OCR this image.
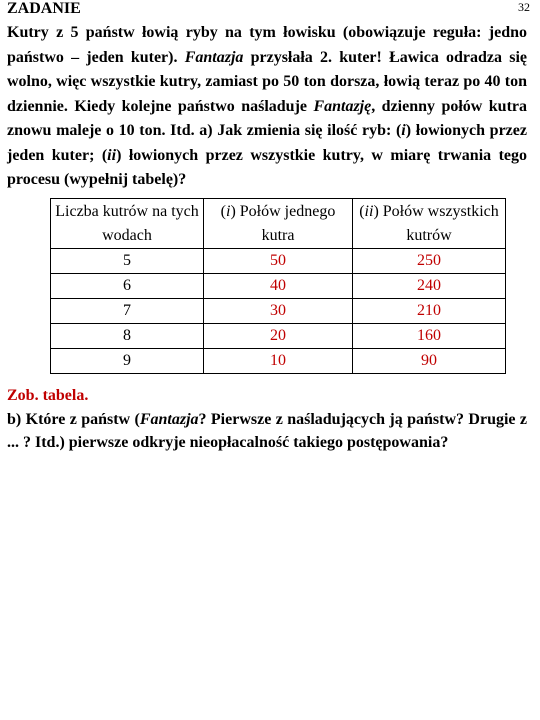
ZADANIE	32
Kutry z 5 państw łowią ryby na tym łowisku (obowiązuje reguła: jedno państwo – jeden kuter). Fantazja przysłała 2. kuter! Ławica odradza się wolno, więc wszystkie kutry, zamiast po 50 ton dorsza, łowią teraz po 40 ton dziennie. Kiedy kolejne państwo naśladuje Fantazję, dzienny połów kutra znowu maleje o 10 ton. Itd. a) Jak zmienia się ilość ryb: (i) łowionych przez jeden kuter; (ii) łowionych przez wszystkie kutry, w miarę trwania tego procesu (wypełnij tabelę)?
Liczba kutrów na tych wodach	(i) Połów jednego kutra	(ii) Połów wszystkich kutrów
5	50	250
6	40	240
7	30	210
8	20	160
9	10	90
Zob. tabela.
b) Które z państw (Fantazja? Pierwsze z naśladujących ją państw? Drugie z ... ? Itd.) pierwsze odkryje nieopłacalność takiego postępowania?
